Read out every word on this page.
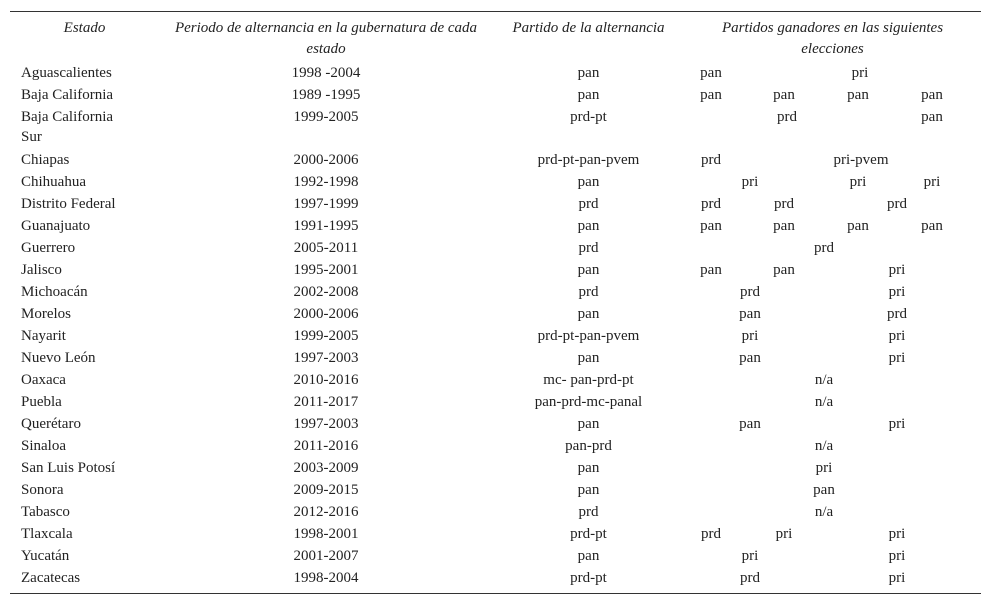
Estado	Periodo de alternancia en la gubernatura de cada estado	Partido de la alternancia	Partidos ganadores en las siguientes elecciones
Aguascalientes	1998 -2004	pan	pan pri

Baja California	1989 -1995	pan	pan pan pan pan

Baja California Sur	1999-2005	prd-pt	prd pan

Chiapas	2000-2006	prd-pt-pan-pvem	prd pri-pvem

Chihuahua	1992-1998	pan	pri pri pri

Distrito Federal	1997-1999	prd	prd prd prd

Guanajuato	1991-1995	pan	pan pan pan pan

Guerrero	2005-2011	prd	prd

Jalisco	1995-2001	pan	pan pan pri

Michoacán	2002-2008	prd	prd pri

Morelos	2000-2006	pan	pan prd

Nayarit	1999-2005	prd-pt-pan-pvem	pri pri

Nuevo León	1997-2003	pan	pan pri

Oaxaca	2010-2016	mc- pan-prd-pt	n/a

Puebla	2011-2017	pan-prd-mc-panal	n/a

Querétaro	1997-2003	pan	pan pri

Sinaloa	2011-2016	pan-prd	n/a

San Luis Potosí	2003-2009	pan	pri

Sonora	2009-2015	pan	pan

Tabasco	2012-2016	prd	n/a

Tlaxcala	1998-2001	prd-pt	prd pri pri

Yucatán	2001-2007	pan	pri pri

Zacatecas	1998-2004	prd-pt	prd pri
